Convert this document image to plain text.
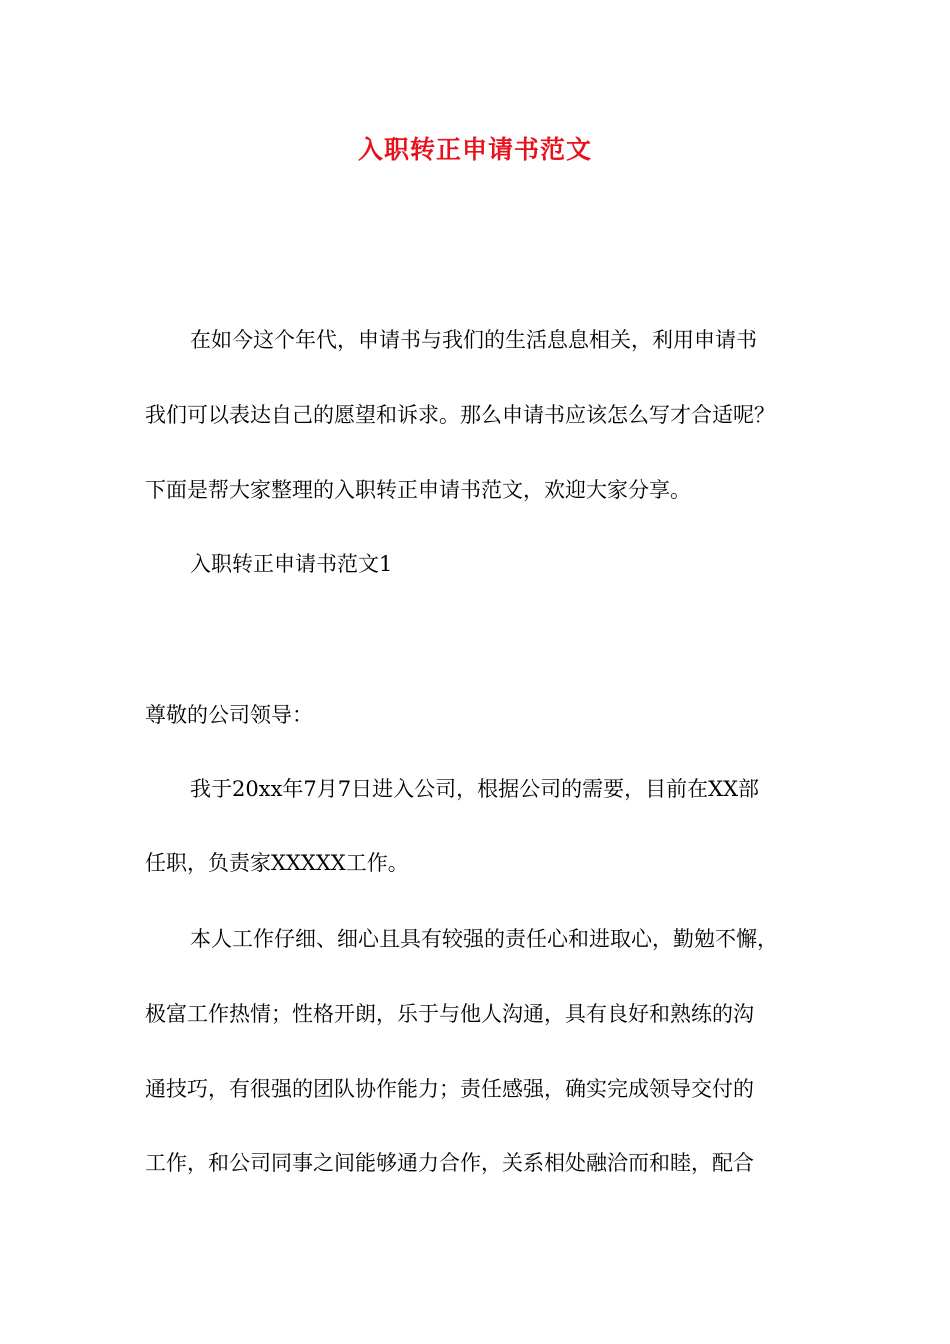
入职转正申请书范文
在如今这个年代，申请书与我们的生活息息相关，利用申请书
我们可以表达自己的愿望和诉求。那么申请书应该怎么写才合适呢？
下面是帮大家整理的入职转正申请书范文，欢迎大家分享。
入职转正申请书范文1
尊敬的公司领导：
我于20xx年7月7日进入公司，根据公司的需要，目前在XX部
任职，负责家XXXXX工作。
本人工作仔细、细心且具有较强的责任心和进取心，勤勉不懈，
极富工作热情；性格开朗，乐于与他人沟通，具有良好和熟练的沟
通技巧，有很强的团队协作能力；责任感强，确实完成领导交付的
工作，和公司同事之间能够通力合作，关系相处融洽而和睦，配合
